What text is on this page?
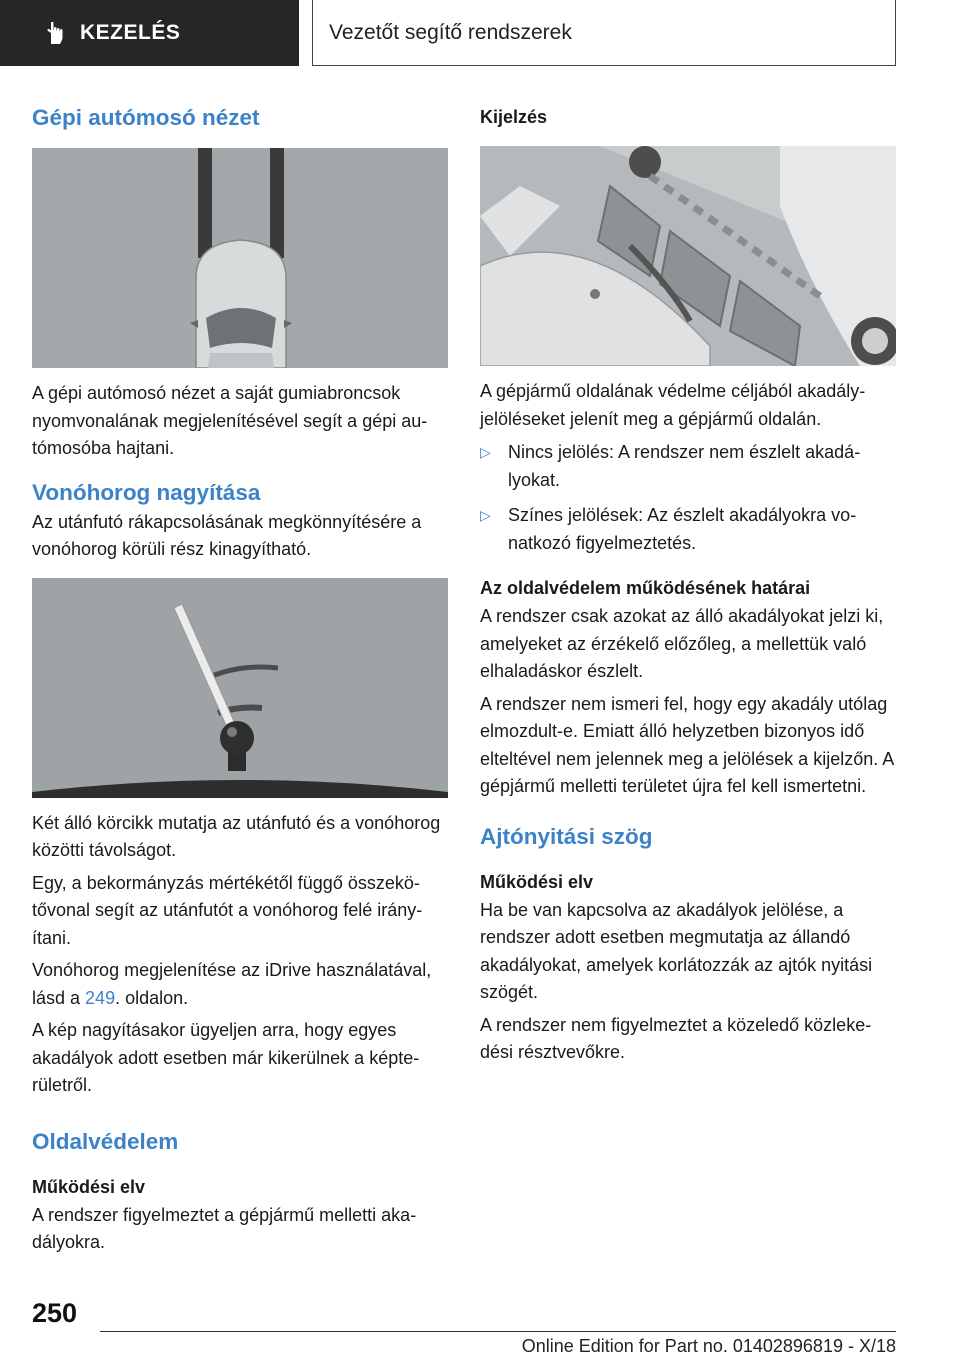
KEZELÉS	Vezetőt segítő rendszerek
Gépi autómosó nézet

A gépi autómosó nézet a saját gumiabroncsok nyomvonalának megjelenítésével segít a gépi autómosóba hajtani.

Vonóhorog nagyítása

Az utánfutó rákapcsolásának megkönnyítésére a vonóhorog körüli rész kinagyítható.

Két álló körcikk mutatja az utánfutó és a vonóhorog közötti távolságot.

Egy, a bekormányzás mértékétől függő összekötővonal segít az utánfutót a vonóhorog felé irányítani.

Vonóhorog megjelenítése az iDrive használatával, lásd a 249. oldalon.

A kép nagyításakor ügyeljen arra, hogy egyes akadályok adott esetben már kikerülnek a képterületről.

Oldalvédelem
Működési elv

A rendszer figyelmeztet a gépjármű melletti akadályokra.

Kijelzés

A gépjármű oldalának védelme céljából akadályjelöléseket jelenít meg a gépjármű oldalán.

▷ Nincs jelölés: A rendszer nem észlelt akadályokat.
▷ Színes jelölések: Az észlelt akadályokra vonatkozó figyelmeztetés.
Az oldalvédelem működésének határai

A rendszer csak azokat az álló akadályokat jelzi ki, amelyeket az érzékelő előzőleg, a mellettük való elhaladáskor észlelt.

A rendszer nem ismeri fel, hogy egy akadály utólag elmozdult-e. Emiatt álló helyzetben bizonyos idő elteltével nem jelennek meg a jelölések a kijelzőn. A gépjármű melletti területet újra fel kell ismertetni.

Ajtónyitási szög
Működési elv

Ha be van kapcsolva az akadályok jelölése, a rendszer adott esetben megmutatja az állandó akadályokat, amelyek korlátozzák az ajtók nyitási szögét.

A rendszer nem figyelmeztet a közeledő közlekedési résztvevőkre.

250
Online Edition for Part no. 01402896819 - X/18
